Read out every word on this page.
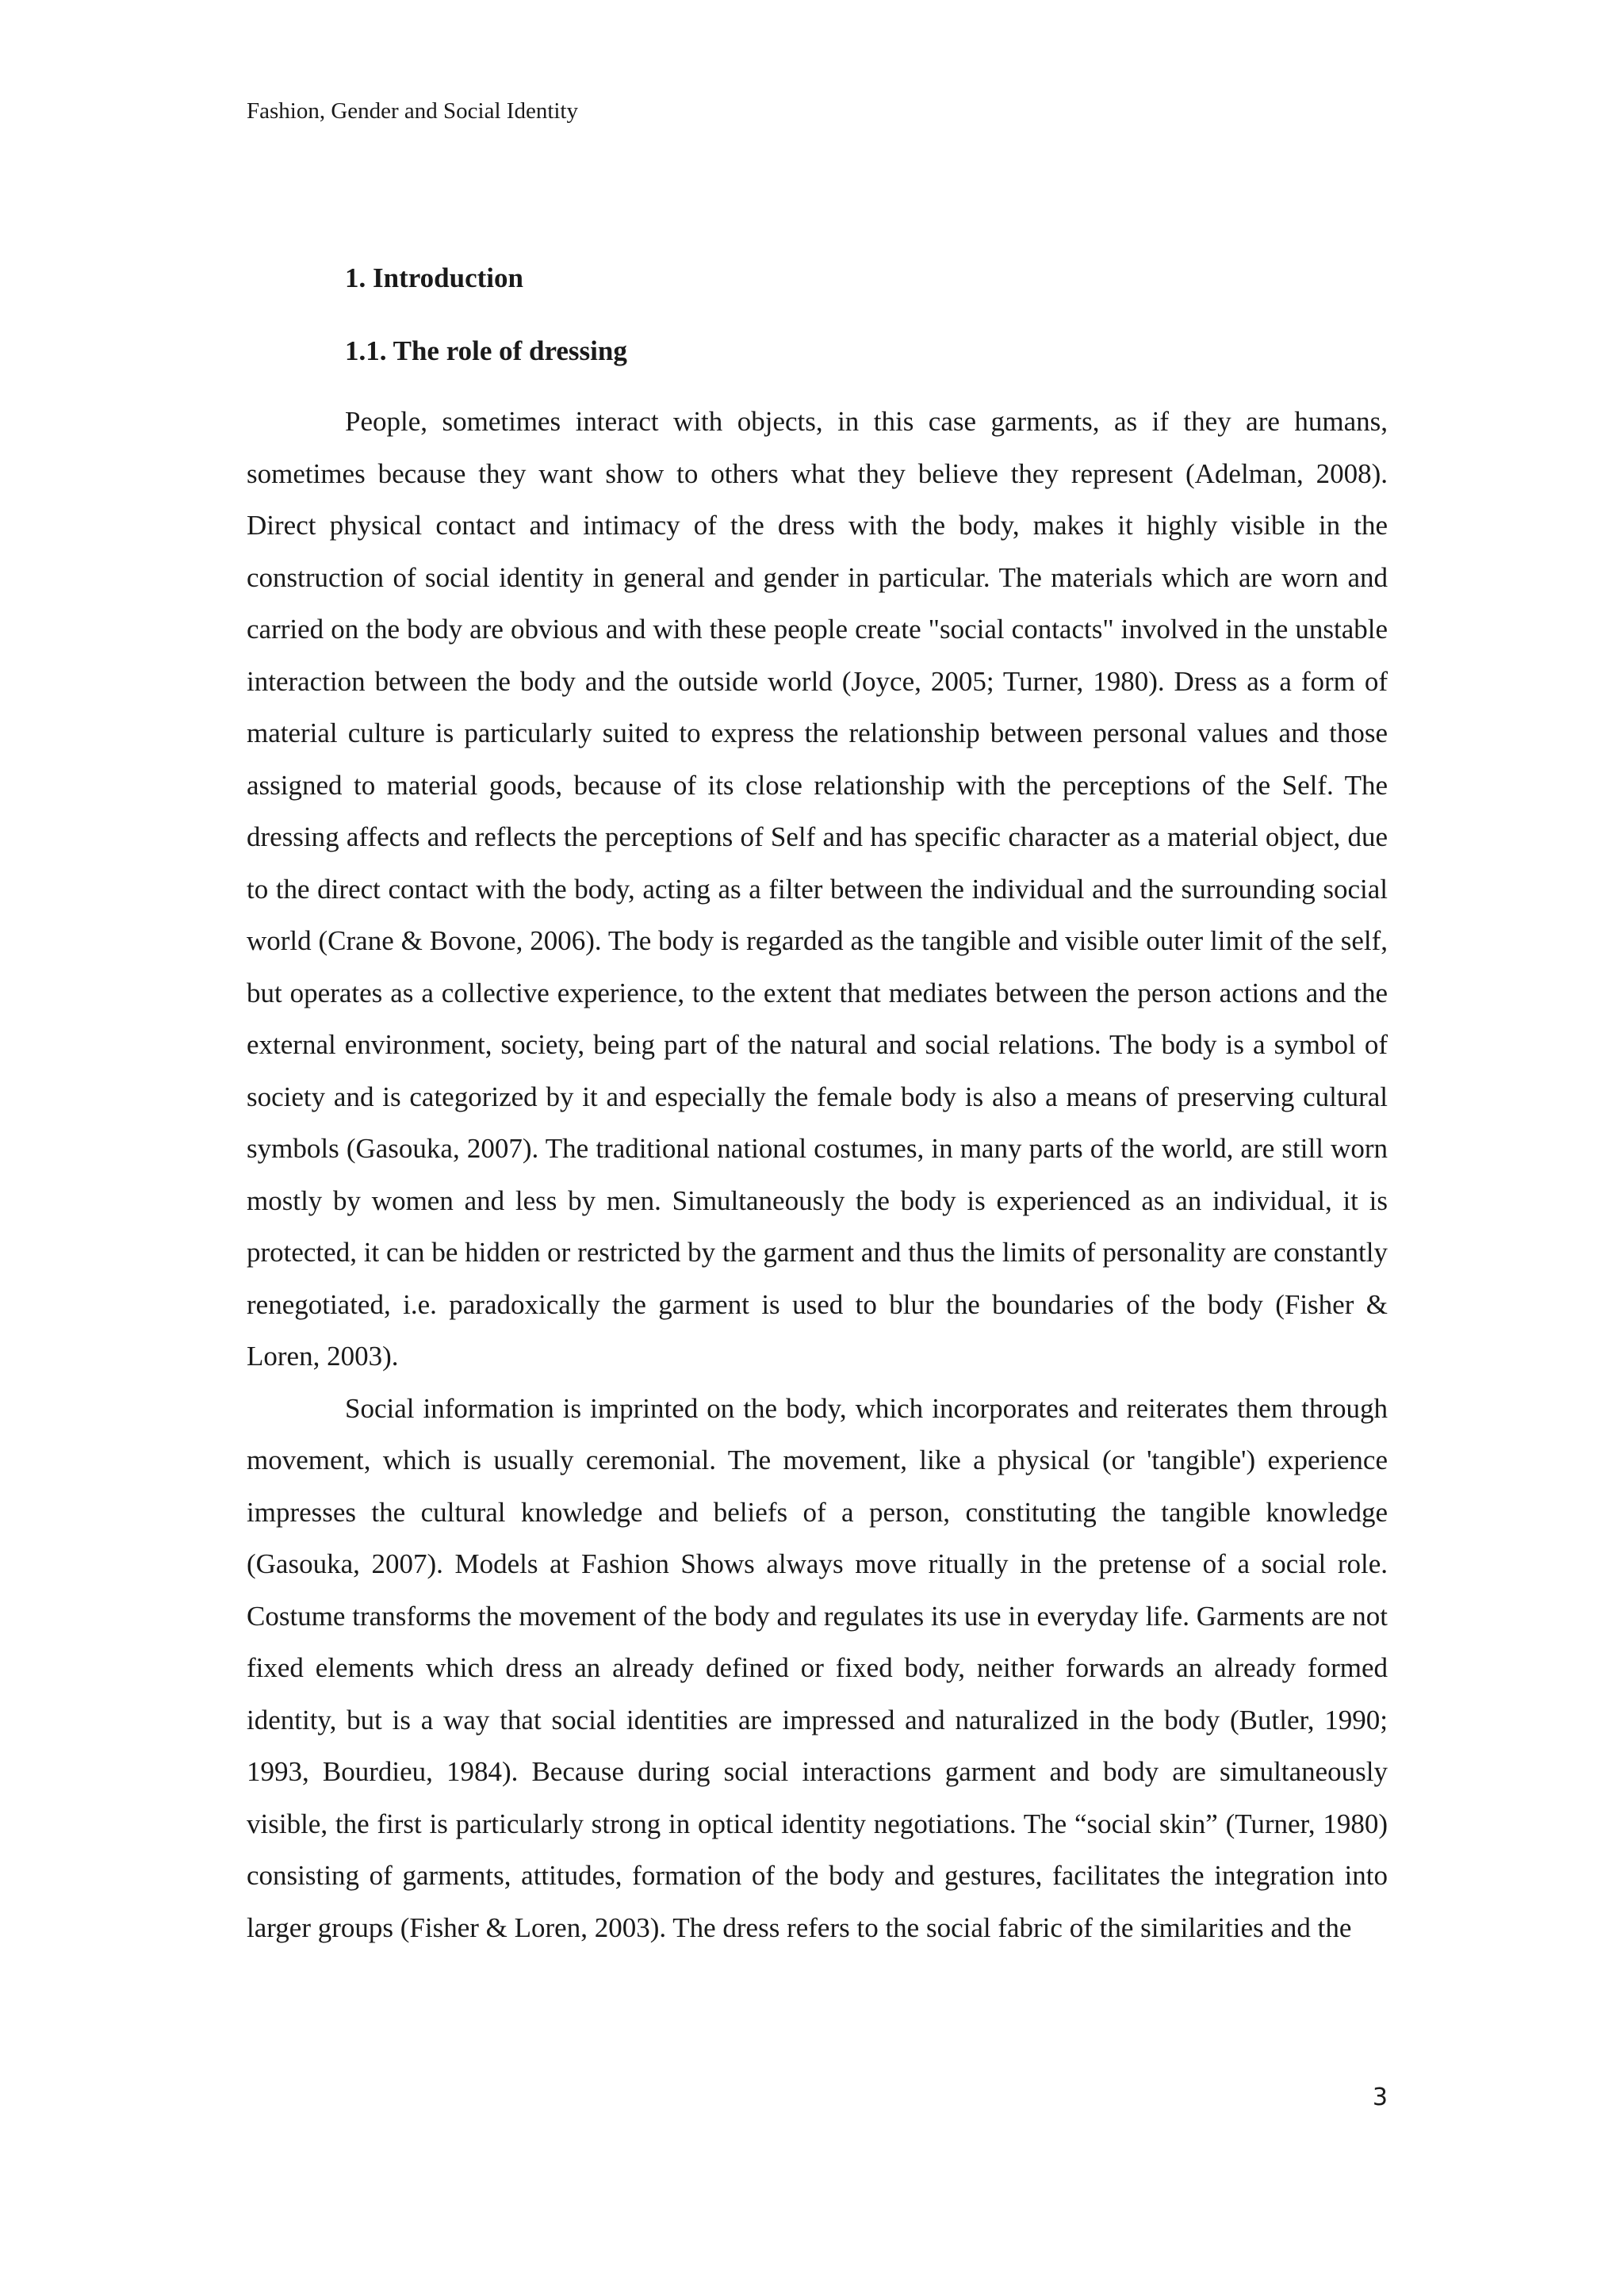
Fashion, Gender and Social Identity
1. Introduction
1.1. The role of dressing

People, sometimes interact with objects, in this case garments, as if they are humans, sometimes because they want show to others what they believe they represent (Adelman, 2008). Direct physical contact and intimacy of the dress with the body, makes it highly visible in the construction of social identity in general and gender in particular. The materials which are worn and carried on the body are obvious and with these people create "social contacts" involved in the unstable interaction between the body and the outside world (Joyce, 2005; Turner, 1980). Dress as a form of material culture is particularly suited to express the relationship between personal values and those assigned to material goods, because of its close relationship with the perceptions of the Self. The dressing affects and reflects the perceptions of Self and has specific character as a material object, due to the direct contact with the body, acting as a filter between the individual and the surrounding social world (Crane & Bovone, 2006). The body is regarded as the tangible and visible outer limit of the self, but operates as a collective experience, to the extent that mediates between the person actions and the external environment, society, being part of the natural and social relations. The body is a symbol of society and is categorized by it and especially the female body is also a means of preserving cultural symbols (Gasouka, 2007). The traditional national costumes, in many parts of the world, are still worn mostly by women and less by men. Simultaneously the body is experienced as an individual, it is protected, it can be hidden or restricted by the garment and thus the limits of personality are constantly renegotiated, i.e. paradoxically the garment is used to blur the boundaries of the body (Fisher & Loren, 2003).

Social information is imprinted on the body, which incorporates and reiterates them through movement, which is usually ceremonial. The movement, like a physical (or 'tangible') experience impresses the cultural knowledge and beliefs of a person, constituting the tangible knowledge (Gasouka, 2007). Models at Fashion Shows always move ritually in the pretense of a social role. Costume transforms the movement of the body and regulates its use in everyday life. Garments are not fixed elements which dress an already defined or fixed body, neither forwards an already formed identity, but is a way that social identities are impressed and naturalized in the body (Butler, 1990; 1993, Bourdieu, 1984). Because during social interactions garment and body are simultaneously visible, the first is particularly strong in optical identity negotiations. The “social skin” (Turner, 1980) consisting of garments, attitudes, formation of the body and gestures, facilitates the integration into larger groups (Fisher & Loren, 2003). The dress refers to the social fabric of the similarities and the

3
